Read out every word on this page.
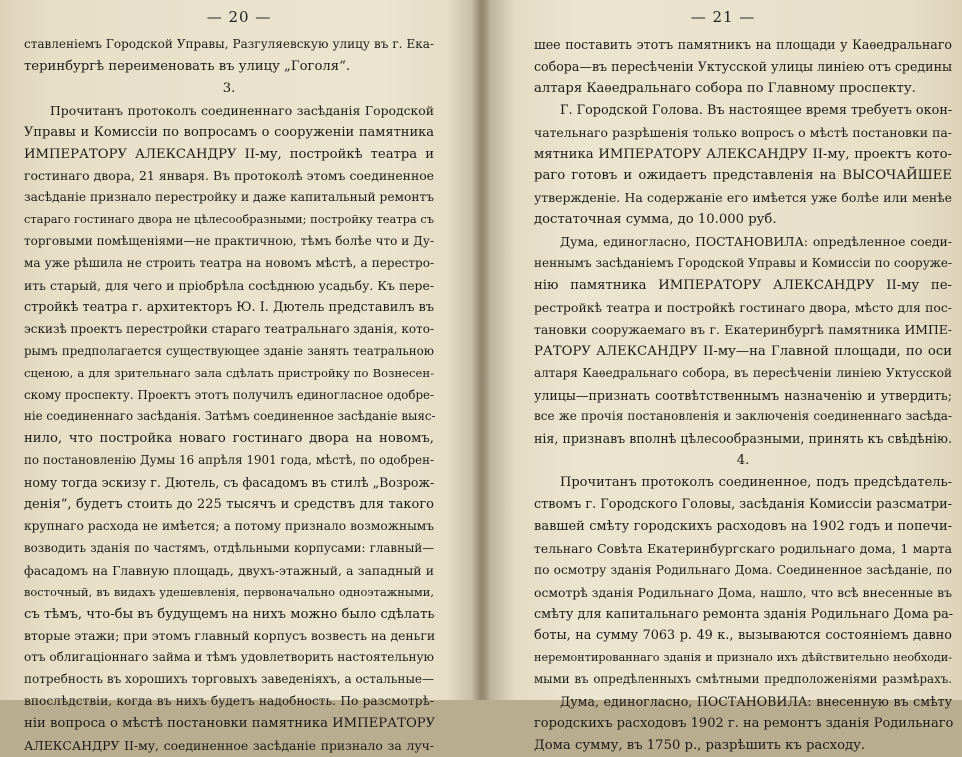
— 20 —
ставленіемъ Городской Управы, Разгуляевскую улицу въ г. Ека-
теринбургѣ переименовать въ улицу „Гоголя“.
3.
Прочитанъ протоколъ соединеннаго засѣданія Городской
Управы и Комиссіи по вопросамъ о сооруженіи памятника
ИМПЕРАТОРУ АЛЕКСАНДРУ II-му, постройкѣ театра и
гостинаго двора, 21 января. Въ протоколѣ этомъ соединенное
засѣданіе признало перестройку и даже капитальный ремонтъ
стараго гостинаго двора не цѣлесообразными; постройку театра съ
торговыми помѣщеніями—не практичною, тѣмъ болѣе что и Ду-
ма уже рѣшила не строить театра на новомъ мѣстѣ, а перестро-
ить старый, для чего и пріобрѣла сосѣднюю усадьбу. Къ пере-
стройкѣ театра г. архитекторъ Ю. I. Дютель представилъ въ
эскизѣ проектъ перестройки стараго театральнаго зданія, кото-
рымъ предполагается существующее зданіе занять театральною
сценою, а для зрительнаго зала сдѣлать пристройку по Вознесен-
скому проспекту. Проектъ этотъ получилъ единогласное одобре-
ніе соединеннаго засѣданія. Затѣмъ соединенное засѣданіе выяс-
нило, что постройка новаго гостинаго двора на новомъ,
по постановленію Думы 16 апрѣля 1901 года, мѣстѣ, по одобрен-
ному тогда эскизу г. Дютель, съ фасадомъ въ стилѣ „Возрож-
денія“, будетъ стоить до 225 тысячъ и средствъ для такого
крупнаго расхода не имѣется; а потому признало возможнымъ
возводить зданія по частямъ, отдѣльными корпусами: главный—
фасадомъ на Главную площадь, двухъ-этажный, а западный и
восточный, въ видахъ удешевленія, первоначально одноэтажными,
съ тѣмъ, что-бы въ будущемъ на нихъ можно было сдѣлать
вторые этажи; при этомъ главный корпусъ возвесть на деньги
отъ облигаціоннаго займа и тѣмъ удовлетворить настоятельную
потребность въ хорошихъ торговыхъ заведеніяхъ, а остальные—
впослѣдствіи, когда въ нихъ будетъ надобность. По разсмотрѣ-
ніи вопроса о мѣстѣ постановки памятника ИМПЕРАТОРУ
АЛЕКСАНДРУ II-му, соединенное засѣданіе признало за луч-
— 21 —
шее поставить этотъ памятникъ на площади у Каѳедральнаго
собора—въ пересѣченіи Уктусской улицы линіею отъ средины
алтаря Каѳедральнаго собора по Главному проспекту.
Г. Городской Голова. Въ настоящее время требуетъ окон-
чательнаго разрѣшенія только вопросъ о мѣстѣ постановки па-
мятника ИМПЕРАТОРУ АЛЕКСАНДРУ II-му, проектъ кото-
раго готовъ и ожидаетъ представленія на ВЫСОЧАЙШЕЕ
утвержденіе. На содержаніе его имѣется уже болѣе или менѣе
достаточная сумма, до 10.000 руб.
Дума, единогласно, ПОСТАНОВИЛА: опредѣленное соеди-
неннымъ засѣданіемъ Городской Управы и Комиссіи по сооруже-
нію памятника ИМПЕРАТОРУ АЛЕКСАНДРУ II-му пе-
рестройкѣ театра и постройкѣ гостинаго двора, мѣсто для пос-
тановки сооружаемаго въ г. Екатеринбургѣ памятника ИМПЕ-
РАТОРУ АЛЕКСАНДРУ II-му—на Главной площади, по оси
алтаря Каѳедральнаго собора, въ пересѣченіи линіею Уктусской
улицы—признать соотвѣтственнымъ назначенію и утвердить;
все же прочія постановленія и заключенія соединеннаго засѣда-
нія, признавъ вполнѣ цѣлесообразными, принять къ свѣдѣнію.
4.
Прочитанъ протоколъ соединенное, подъ предсѣдатель-
ствомъ г. Городского Головы, засѣданія Комиссіи разсматри-
вавшей смѣту городскихъ расходовъ на 1902 годъ и попечи-
тельнаго Совѣта Екатеринбургскаго родильнаго дома, 1 марта
по осмотру зданія Родильнаго Дома. Соединенное засѣданіе, по
осмотрѣ зданія Родильнаго Дома, нашло, что всѣ внесенные въ
смѣту для капитальнаго ремонта зданія Родильнаго Дома ра-
боты, на сумму 7063 р. 49 к., вызываются состояніемъ давно
неремонтированнаго зданія и признало ихъ дѣйствительно необходи-
мыми въ опредѣленныхъ смѣтными предположеніями размѣрахъ.
Дума, единогласно, ПОСТАНОВИЛА: внесенную въ смѣту
городскихъ расходовъ 1902 г. на ремонтъ зданія Родильнаго
Дома сумму, въ 1750 р., разрѣшить къ расходу.
